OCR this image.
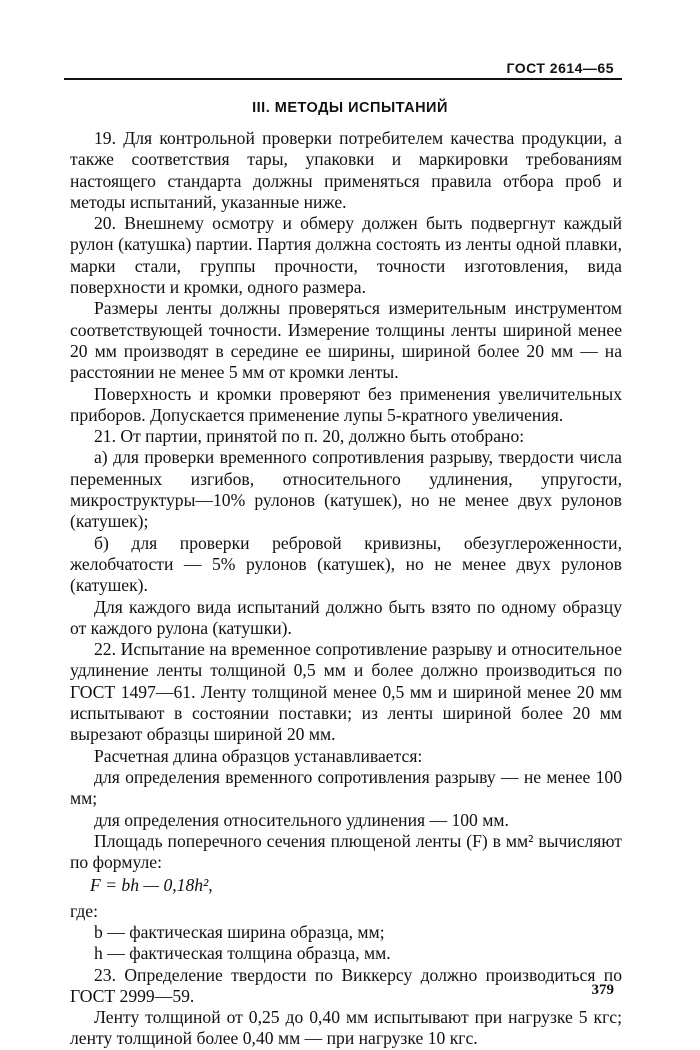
ГОСТ 2614—65
III. МЕТОДЫ ИСПЫТАНИЙ

19. Для контрольной проверки потребителем качества продукции, а также соответствия тары, упаковки и маркировки требованиям настоящего стандарта должны применяться правила отбора проб и методы испытаний, указанные ниже.

20. Внешнему осмотру и обмеру должен быть подвергнут каждый рулон (катушка) партии. Партия должна состоять из ленты одной плавки, марки стали, группы прочности, точности изготовления, вида поверхности и кромки, одного размера.

Размеры ленты должны проверяться измерительным инструментом соответствующей точности. Измерение толщины ленты шириной менее 20 мм производят в середине ее ширины, шириной более 20 мм — на расстоянии не менее 5 мм от кромки ленты.

Поверхность и кромки проверяют без применения увеличительных приборов. Допускается применение лупы 5-кратного увеличения.

21. От партии, принятой по п. 20, должно быть отобрано:

а) для проверки временного сопротивления разрыву, твердости числа переменных изгибов, относительного удлинения, упругости, микроструктуры—10% рулонов (катушек), но не менее двух рулонов (катушек);

б) для проверки ребровой кривизны, обезуглероженности, желобчатости — 5% рулонов (катушек), но не менее двух рулонов (катушек).

Для каждого вида испытаний должно быть взято по одному образцу от каждого рулона (катушки).

22. Испытание на временное сопротивление разрыву и относительное удлинение ленты толщиной 0,5 мм и более должно производиться по ГОСТ 1497—61. Ленту толщиной менее 0,5 мм и шириной менее 20 мм испытывают в состоянии поставки; из ленты шириной более 20 мм вырезают образцы шириной 20 мм.

Расчетная длина образцов устанавливается:

для определения временного сопротивления разрыву — не менее 100 мм;

для определения относительного удлинения — 100 мм.

Площадь поперечного сечения плющеной ленты (F) в мм² вычисляют по формуле:

F = bh — 0,18h²,

где:

b — фактическая ширина образца, мм;

h — фактическая толщина образца, мм.

23. Определение твердости по Виккерсу должно производиться по ГОСТ 2999—59.

Ленту толщиной от 0,25 до 0,40 мм испытывают при нагрузке 5 кгс; ленту толщиной более 0,40 мм — при нагрузке 10 кгс.

379
